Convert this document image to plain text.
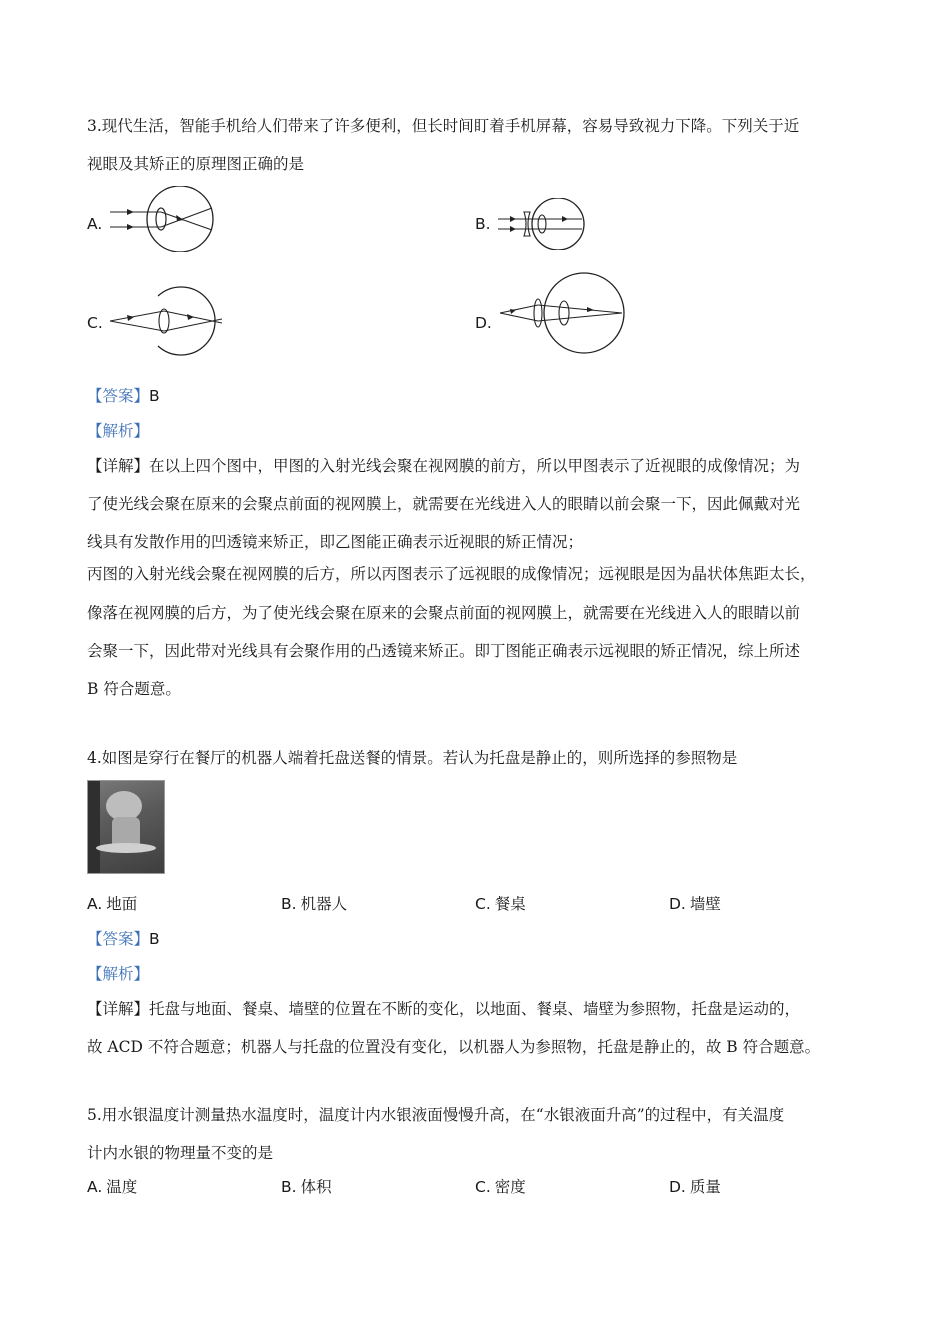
3.现代生活，智能手机给人们带来了许多便利，但长时间盯着手机屏幕，容易导致视力下降。下列关于近
视眼及其矫正的原理图正确的是
A.	B.
C.	D.
【答案】B
【解析】
【详解】在以上四个图中，甲图的入射光线会聚在视网膜的前方，所以甲图表示了近视眼的成像情况；为
了使光线会聚在原来的会聚点前面的视网膜上，就需要在光线进入人的眼睛以前会聚一下，因此佩戴对光
线具有发散作用的凹透镜来矫正，即乙图能正确表示近视眼的矫正情况；
丙图的入射光线会聚在视网膜的后方，所以丙图表示了远视眼的成像情况；远视眼是因为晶状体焦距太长，
像落在视网膜的后方，为了使光线会聚在原来的会聚点前面的视网膜上，就需要在光线进入人的眼睛以前
会聚一下，因此带对光线具有会聚作用的凸透镜来矫正。即丁图能正确表示远视眼的矫正情况，综上所述
B 符合题意。
4.如图是穿行在餐厅的机器人端着托盘送餐的情景。若认为托盘是静止的，则所选择的参照物是
A. 地面	B. 机器人	C. 餐桌	D. 墙壁
【答案】B
【解析】
【详解】托盘与地面、餐桌、墙壁的位置在不断的变化，以地面、餐桌、墙壁为参照物，托盘是运动的，
故 ACD 不符合题意；机器人与托盘的位置没有变化，以机器人为参照物，托盘是静止的，故 B 符合题意。
5.用水银温度计测量热水温度时，温度计内水银液面慢慢升高，在“水银液面升高”的过程中，有关温度
计内水银的物理量不变的是
A. 温度	B. 体积	C. 密度	D. 质量
